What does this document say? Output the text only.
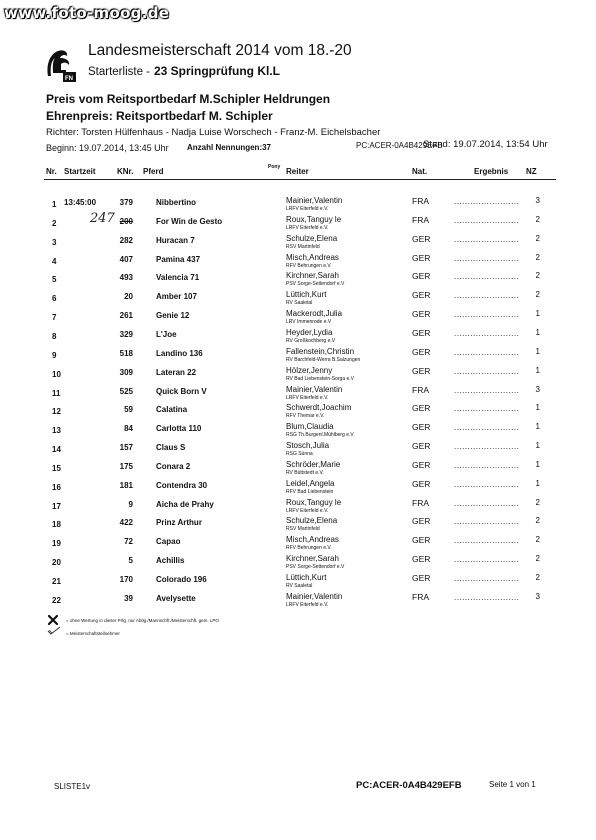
www.foto-moog.de
FN
Landesmeisterschaft 2014 vom 18.-20
Starterliste - 23 Springprüfung Kl.L
Preis vom Reitsportbedarf M.Schipler Heldrungen
Ehrenpreis: Reitsportbedarf M. Schipler
Richter: Torsten Hülfenhaus - Nadja Luise Worschech - Franz-M. Eichelsbacher
Beginn: 19.07.2014, 13:45 Uhr Anzahl Nennungen:37	PC:ACER-0A4B429EFB
Stand: 19.07.2014, 13:54 Uhr
Nr. Startzeit	KNr. Pferd	Pony Reiter	Nat.	Ergebnis NZ
1 13:45:00	379	Nibbertino	Mainier,Valentin
LRFV Eiterfeld e.V.
FRA	........................	3
2	200	For Win de Gesto	Roux,Tanguy le
LRFV Eiterfeld e.V.
FRA	........................	2
247
3	282	Huracan 7	Schulze,Elena
RSV Martinfeld
GER	........................	2
4	407	Pamina 437	Misch,Andreas
RFV Behrungen e.V.
GER	........................	2
5	493	Valencia 71	Kirchner,Sarah
PSV Sorge-Settendorf e.V
GER	........................	2
6	20	Amber 107	Lüttich,Kurt
RV Saaletal
GER	........................	2
7	261	Genie 12	Mackerodt,Julia
LRV Immenrode e.V
GER	........................	1
8	329	L'Joe	Heyder,Lydia
RV Großkochberg e.V
GER	........................	1
9	518	Landino 136	Fallenstein,Christin
RV Barchfeld-Werra B.Salzungen
GER	........................	1
10	309	Lateran 22	Hölzer,Jenny
RV Bad Liebenstein-Sorga e.V
GER	........................	1
11	525	Quick Born V	Mainier,Valentin
LRFV Eiterfeld e.V.
FRA	........................	3
12	59	Calatina	Schwerdt,Joachim
RFV Themar e.V.
GER	........................	1
13	84	Carlotta 110	Blum,Claudia
RSG Th.Burgenl.Mühlberg e.V
GER	........................	1
14	157	Claus S	Stosch,Julia
RSG Sünna
GER	........................	1
15	175	Conara 2	Schröder,Marie
RV Büttstedt e.V.
GER	........................	1
16	181	Contendra 30	Leidel,Angela
RFV Bad Liebenstein
GER	........................	1
17	9	Aicha de Prahy	Roux,Tanguy le
LRFV Eiterfeld e.V.
FRA	........................	2
18	422	Prinz Arthur	Schulze,Elena
RSV Martinfeld
GER	........................	2
19	72	Capao	Misch,Andreas
RFV Behrungen e.V.
GER	........................	2
20	5	Achillis	Kirchner,Sarah
PSV Sorge-Settendorf e.V
GER	........................	2
21	170	Colorado 196	Lüttich,Kurt
RV Saaletal
GER	........................	2
22	39	Avelysette	Mainier,Valentin
LRFV Eiterfeld e.V.
FRA	........................	3
= ohne Wertung in dieser Prfg. nur Abtlg./Mannschft./Meisterschft. gem. LPO
= Meisterschaftsteilnehmer
SLISTE1v	PC:ACER-0A4B429EFB	Seite 1 von 1
